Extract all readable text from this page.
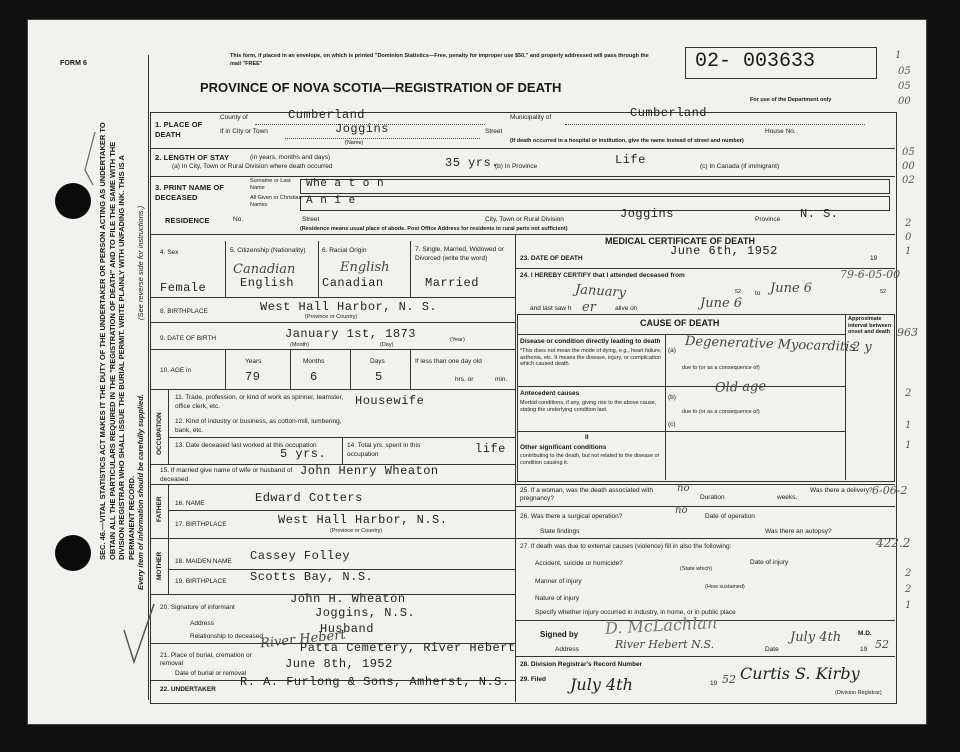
FORM 6
This form, if placed in an envelope, on which is printed "Dominion Statistics—Free, penalty for improper use $50," and properly addressed will pass through the mail "FREE"
PROVINCE OF NOVA SCOTIA—REGISTRATION OF DEATH
02- 003633
For use of the Department only
SEC. 46.—VITAL STATISTICS ACT MAKES IT THE DUTY OF THE UNDERTAKER OR PERSON ACTING AS UNDERTAKER TO OBTAIN ALL THE PARTICULARS REQUIRED IN THE "REGISTRATION OF DEATH" AND TO FILE THE SAME WITH THE DIVISION REGISTRAR WHO SHALL ISSUE THE BURIAL PERMIT. WRITE PLAINLY WITH UNFADING INK. THIS IS A PERMANENT RECORD. Every item of information should be carefully supplied.
(See reverse side for instructions.)
1. PLACE OF DEATH
County of	Cumberland	Municipality of	Cumberland
If in City or Town	Joggins
(Name)
Street	House No.
(If death occurred in a hospital or institution, give the name instead of street and number)
2. LENGTH OF STAY	(in years, months and days)
(a) In City, Town or Rural Division where death occurred	35 yrs.
(b) In Province	Life	(c) In Canada (if immigrant)
3. PRINT NAME OF DECEASED
Surname or Last Name	Whe a t o n
All Given or Christian Names	A n i e
RESIDENCE	No.	Street	City, Town or Rural Division	Joggins	Province N. S.
(Residence means usual place of abode. Post Office Address for residents in rural parts not sufficient)
4. Sex
Female
5. Citizenship (Nationality)
Canadian
English
6. Racial Origin
English
Canadian
7. Single, Married, Widowed or Divorced (write the word)
Married
8. BIRTHPLACE	West Hall Harbor, N. S.
(Province or Country)
9. DATE OF BIRTH	January 1st, 1873
(Month)	(Day)
(Year)
10. AGE in
Years
79
Months
6
Days
5
If less than one day old
hrs. or	min.
OCCUPATION
11. Trade, profession, or kind of work as spinner, teamster, office clerk, etc.	Housewife
12. Kind of industry or business, as cotton-mill, lumbering, bank, etc.
13. Date deceased last worked at this occupation
5 yrs.
14. Total yrs. spent in this occupation	life
15. If married give name of wife or husband of deceased
John Henry Wheaton
FATHER
MOTHER
16. NAME	Edward Cotters
17. BIRTHPLACE	West Hall Harbor, N.S.
(Province or Country)
18. MAIDEN NAME Cassey Folley
19. BIRTHPLACE Scotts Bay, N.S.
20. Signature of informant
John H. Wheaton
Address
Joggins, N.S.
Relationship to deceased
Husband
21. Place of burial, cremation or removal
Patta Cemetery, River Hebert
River Hebert
Date of burial or removal
June 8th, 1952
22. UNDERTAKER
R. A. Furlong & Sons, Amherst, N.S.
MEDICAL CERTIFICATE OF DEATH
23. DATE OF DEATH
June 6th, 1952
19
24. I HEREBY CERTIFY that I attended deceased from
January	52 to June 6	52
and last saw h er	alive on	June 6
CAUSE OF DEATH	Approximate interval between onset and death
Disease or condition directly leading to death
*This does not mean the mode of dying, e.g., heart failure, asthenia, etc. It means the disease, injury, or complication which caused death.
(a) Degenerative Myocarditis
2 y
due to (or as a consequence of)
Antecedent causes
Morbid conditions, if any, giving rise to the above cause, stating the underlying condition last.
(b)
Old age
due to (or as a consequence of)
(c)
II
Other significant conditions
contributing to the death, but not related to the disease or condition causing it.
25. If a woman, was the death associated with pregnancy?
no
Duration	weeks.
Was there a delivery?
26. Was there a surgical operation?
no
Date of operation
State findings	Was there an autopsy?
27. If death was due to external causes (violence) fill in also the following:
Accident, suicide or homicide?
(State which)
Date of injury
Manner of injury
(How sustained)
Nature of injury
Specify whether injury occurred in industry, in home, or in public place
Signed by D. McLachlan	M.D.
Address	River Hebert N.S.	Date
July 4th
19 52
28. Division Registrar's Record Number
29. Filed July 4th	19 52 Curtis S. Kirby
(Division Registrar)
1
05
05
00
05
00
02
2
0
1
79-6-05-00
963
2
1
1
6-06-2
422.2
2
2
1
